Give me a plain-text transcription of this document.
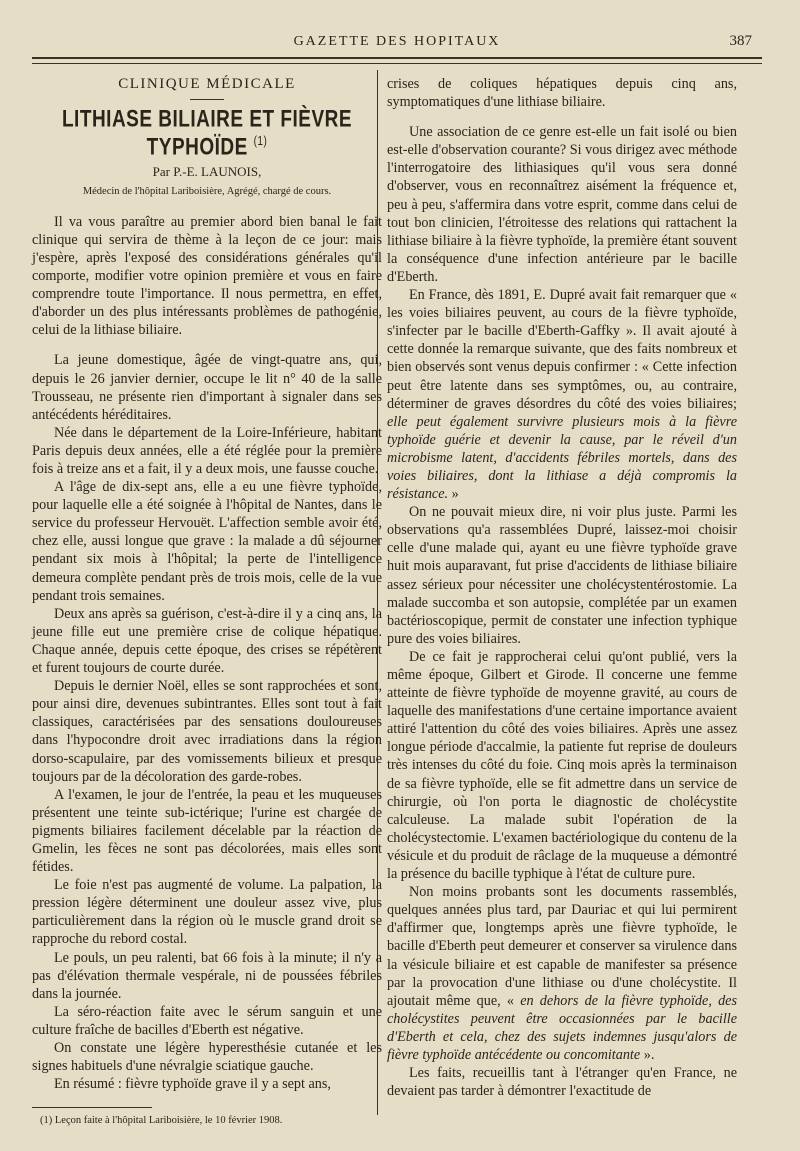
GAZETTE DES HOPITAUX	387
CLINIQUE MÉDICALE
LITHIASE BILIAIRE ET FIÈVRE TYPHOÏDE $^{(1)}$
Par P.-E. LAUNOIS,
Médecin de l'hôpital Lariboisière, Agrégé, chargé de cours.

Il va vous paraître au premier abord bien banal le fait clinique qui servira de thème à la leçon de ce jour: mais j'espère, après l'exposé des considérations générales qu'il comporte, modifier votre opinion première et vous en faire comprendre toute l'importance. Il nous permettra, en effet, d'aborder un des plus intéressants problèmes de pathogénie, celui de la lithiase biliaire.

La jeune domestique, âgée de vingt-quatre ans, qui, depuis le 26 janvier dernier, occupe le lit n° 40 de la salle Trousseau, ne présente rien d'important à signaler dans ses antécédents héréditaires.

Née dans le département de la Loire-Inférieure, habitant Paris depuis deux années, elle a été réglée pour la première fois à treize ans et a fait, il y a deux mois, une fausse couche.

A l'âge de dix-sept ans, elle a eu une fièvre typhoïde, pour laquelle elle a été soignée à l'hôpital de Nantes, dans le service du professeur Hervouët. L'affection semble avoir été, chez elle, aussi longue que grave : la malade a dû séjourner pendant six mois à l'hôpital; la perte de l'intelligence demeura complète pendant près de trois mois, celle de la vue pendant trois semaines.

Deux ans après sa guérison, c'est-à-dire il y a cinq ans, la jeune fille eut une première crise de colique hépatique. Chaque année, depuis cette époque, des crises se répétèrent et furent toujours de courte durée.

Depuis le dernier Noël, elles se sont rapprochées et sont, pour ainsi dire, devenues subintrantes. Elles sont tout à fait classiques, caractérisées par des sensations douloureuses dans l'hypocondre droit avec irradiations dans la région dorso-scapulaire, par des vomissements bilieux et presque toujours par de la décoloration des garde-robes.

A l'examen, le jour de l'entrée, la peau et les muqueuses présentent une teinte sub-ictérique; l'urine est chargée de pigments biliaires facilement décelable par la réaction de Gmelin, les fèces ne sont pas décolorées, mais elles sont fétides.

Le foie n'est pas augmenté de volume. La palpation, la pression légère déterminent une douleur assez vive, plus particulièrement dans la région où le muscle grand droit se rapproche du rebord costal.

Le pouls, un peu ralenti, bat 66 fois à la minute; il n'y a pas d'élévation thermale vespérale, ni de poussées fébriles dans la journée.

La séro-réaction faite avec le sérum sanguin et une culture fraîche de bacilles d'Eberth est négative.

On constate une légère hyperesthésie cutanée et les signes habituels d'une névralgie sciatique gauche.

En résumé : fièvre typhoïde grave il y a sept ans,

(1) Leçon faite à l'hôpital Lariboisière, le 10 février 1908.

crises de coliques hépatiques depuis cinq ans, symptomatiques d'une lithiase biliaire.

Une association de ce genre est-elle un fait isolé ou bien est-elle d'observation courante? Si vous dirigez avec méthode l'interrogatoire des lithiasiques qu'il vous sera donné d'observer, vous en reconnaîtrez aisément la fréquence et, peu à peu, s'affermira dans votre esprit, comme dans celui de tout bon clinicien, l'étroitesse des relations qui rattachent la lithiase biliaire à la fièvre typhoïde, la première étant souvent la conséquence d'une infection antérieure par le bacille d'Eberth.

En France, dès 1891, E. Dupré avait fait remarquer que « les voies biliaires peuvent, au cours de la fièvre typhoïde, s'infecter par le bacille d'Eberth-Gaffky ». Il avait ajouté à cette donnée la remarque suivante, que des faits nombreux et bien observés sont venus depuis confirmer : « Cette infection peut être latente dans ses symptômes, ou, au contraire, déterminer de graves désordres du côté des voies biliaires; elle peut également survivre plusieurs mois à la fièvre typhoïde guérie et devenir la cause, par le réveil d'un microbisme latent, d'accidents fébriles mortels, dans des voies biliaires, dont la lithiase a déjà compromis la résistance. »

On ne pouvait mieux dire, ni voir plus juste. Parmi les observations qu'a rassemblées Dupré, laissez-moi choisir celle d'une malade qui, ayant eu une fièvre typhoïde grave huit mois auparavant, fut prise d'accidents de lithiase biliaire assez sérieux pour nécessiter une cholécystentérostomie. La malade succomba et son autopsie, complétée par un examen bactérioscopique, permit de constater une infection typhique pure des voies biliaires.

De ce fait je rapprocherai celui qu'ont publié, vers la même époque, Gilbert et Girode. Il concerne une femme atteinte de fièvre typhoïde de moyenne gravité, au cours de laquelle des manifestations d'une certaine importance avaient attiré l'attention du côté des voies biliaires. Après une assez longue période d'accalmie, la patiente fut reprise de douleurs très intenses du côté du foie. Cinq mois après la terminaison de sa fièvre typhoïde, elle se fit admettre dans un service de chirurgie, où l'on porta le diagnostic de cholécystite calculeuse. La malade subit l'opération de la cholécystectomie. L'examen bactériologique du contenu de la vésicule et du produit de râclage de la muqueuse a démontré la présence du bacille typhique à l'état de culture pure.

Non moins probants sont les documents rassemblés, quelques années plus tard, par Dauriac et qui lui permirent d'affirmer que, longtemps après une fièvre typhoïde, le bacille d'Eberth peut demeurer et conserver sa virulence dans la vésicule biliaire et est capable de manifester sa présence par la provocation d'une lithiase ou d'une cholécystite. Il ajoutait même que, « en dehors de la fièvre typhoïde, des cholécystites peuvent être occasionnées par le bacille d'Eberth et cela, chez des sujets indemnes jusqu'alors de fièvre typhoïde antécédente ou concomitante ».

Les faits, recueillis tant à l'étranger qu'en France, ne devaient pas tarder à démontrer l'exactitude de
